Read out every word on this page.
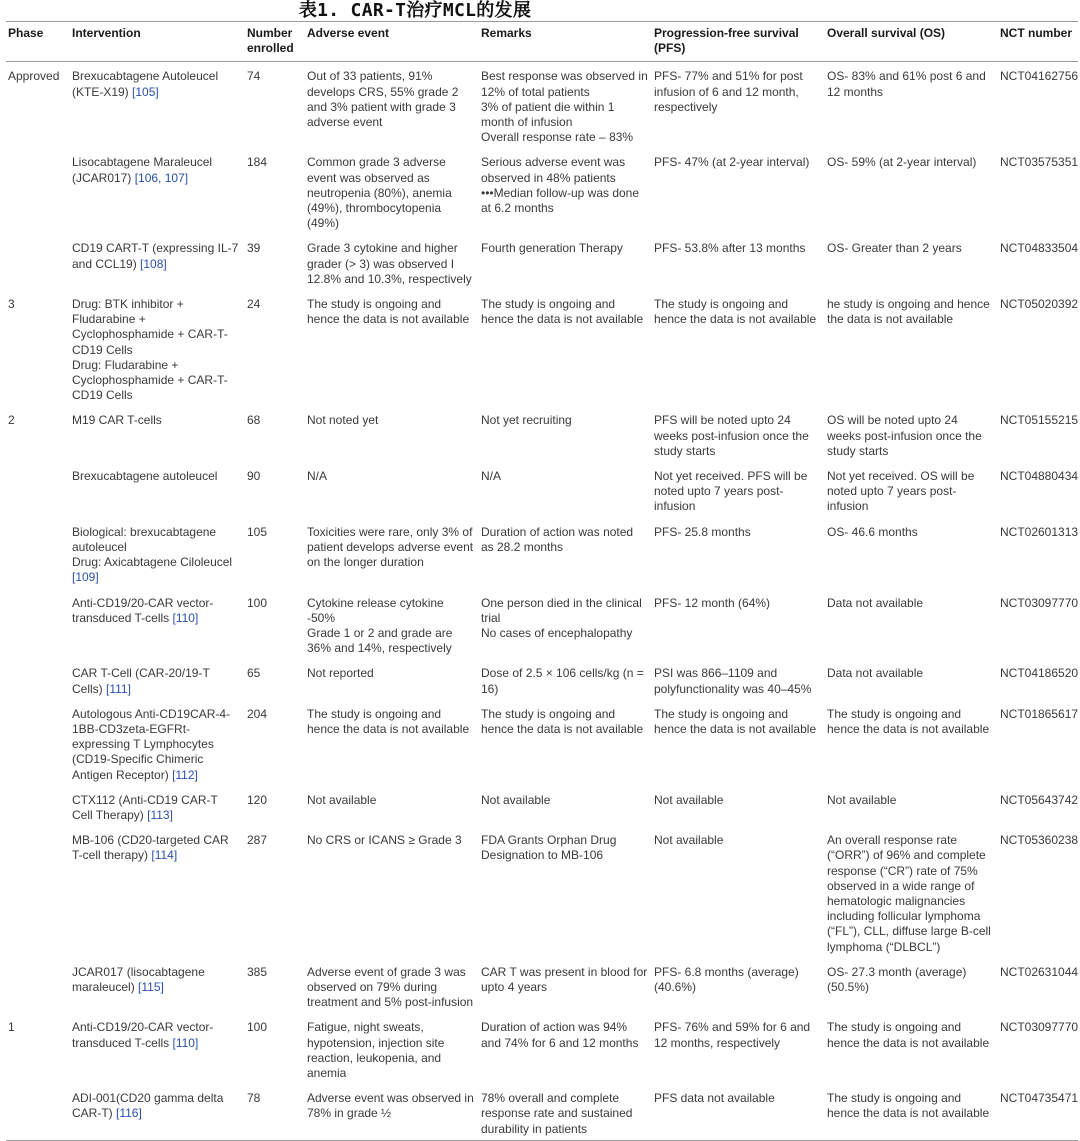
表1. CAR-T治疗MCL的发展
Phase	Intervention	Number enrolled	Adverse event	Remarks	Progression-free survival (PFS)	Overall survival (OS)	NCT number

Approved	Brexucabtagene Autoleucel (KTE-X19) [105]	74	Out of 33 patients, 91% develops CRS, 55% grade 2 and 3% patient with grade 3 adverse event	Best response was observed in 12% of total patients
3% of patient die within 1 month of infusion
Overall response rate – 83%	PFS- 77% and 51% for post infusion of 6 and 12 month, respectively	OS- 83% and 61% post 6 and 12 months	NCT04162756

	Lisocabtagene Maraleucel (JCAR017) [106, 107]	184	Common grade 3 adverse event was observed as neutropenia (80%), anemia (49%), thrombocytopenia (49%)	Serious adverse event was observed in 48% patients
•••Median follow-up was done at 6.2 months	PFS- 47% (at 2-year interval)	OS- 59% (at 2-year interval)	NCT03575351

	CD19 CART-T (expressing IL-7 and CCL19) [108]	39	Grade 3 cytokine and higher grader (> 3) was observed I 12.8% and 10.3%, respectively	Fourth generation Therapy	PFS- 53.8% after 13 months	OS- Greater than 2 years	NCT04833504

3	Drug: BTK inhibitor + Fludarabine + Cyclophosphamide + CAR-T-CD19 Cells
Drug: Fludarabine + Cyclophosphamide + CAR-T-CD19 Cells	24	The study is ongoing and hence the data is not available	The study is ongoing and hence the data is not available	The study is ongoing and hence the data is not available	he study is ongoing and hence the data is not available	NCT05020392

2	M19 CAR T-cells	68	Not noted yet	Not yet recruiting	PFS will be noted upto 24 weeks post-infusion once the study starts	OS will be noted upto 24 weeks post-infusion once the study starts	NCT05155215

	Brexucabtagene autoleucel	90	N/A	N/A	Not yet received. PFS will be noted upto 7 years post-infusion	Not yet received. OS will be noted upto 7 years post-infusion	NCT04880434

	Biological: brexucabtagene autoleucel
Drug: Axicabtagene Ciloleucel [109]	105	Toxicities were rare, only 3% of patient develops adverse event on the longer duration	Duration of action was noted as 28.2 months	PFS- 25.8 months	OS- 46.6 months	NCT02601313

	Anti-CD19/20-CAR vector-transduced T-cells [110]	100	Cytokine release cytokine -50%
Grade 1 or 2 and grade are 36% and 14%, respectively	One person died in the clinical trial
No cases of encephalopathy	PFS- 12 month (64%)	Data not available	NCT03097770

	CAR T-Cell (CAR-20/19-T Cells) [111]	65	Not reported	Dose of 2.5 × 106 cells/kg (n = 16)	PSI was 866–1109 and polyfunctionality was 40–45%	Data not available	NCT04186520

	Autologous Anti-CD19CAR-4-1BB-CD3zeta-EGFRt-expressing T Lymphocytes (CD19-Specific Chimeric Antigen Receptor) [112]	204	The study is ongoing and hence the data is not available	The study is ongoing and hence the data is not available	The study is ongoing and hence the data is not available	The study is ongoing and hence the data is not available	NCT01865617

	CTX112 (Anti-CD19 CAR-T Cell Therapy) [113]	120	Not available	Not available	Not available	Not available	NCT05643742

	MB-106 (CD20-targeted CAR T-cell therapy) [114]	287	No CRS or ICANS ≥ Grade 3	FDA Grants Orphan Drug Designation to MB-106	Not available	An overall response rate (“ORR”) of 96% and complete response (“CR”) rate of 75% observed in a wide range of hematologic malignancies including follicular lymphoma (“FL”), CLL, diffuse large B-cell lymphoma (“DLBCL”)	NCT05360238

	JCAR017 (lisocabtagene maraleucel) [115]	385	Adverse event of grade 3 was observed on 79% during treatment and 5% post-infusion	CAR T was present in blood for upto 4 years	PFS- 6.8 months (average) (40.6%)	OS- 27.3 month (average) (50.5%)	NCT02631044

1	Anti-CD19/20-CAR vector-transduced T-cells [110]	100	Fatigue, night sweats, hypotension, injection site reaction, leukopenia, and anemia	Duration of action was 94% and 74% for 6 and 12 months	PFS- 76% and 59% for 6 and 12 months, respectively	The study is ongoing and hence the data is not available	NCT03097770

	ADI-001(CD20 gamma delta CAR-T) [116]	78	Adverse event was observed in 78% in grade ½	78% overall and complete response rate and sustained durability in patients	PFS data not available	The study is ongoing and hence the data is not available	NCT04735471
